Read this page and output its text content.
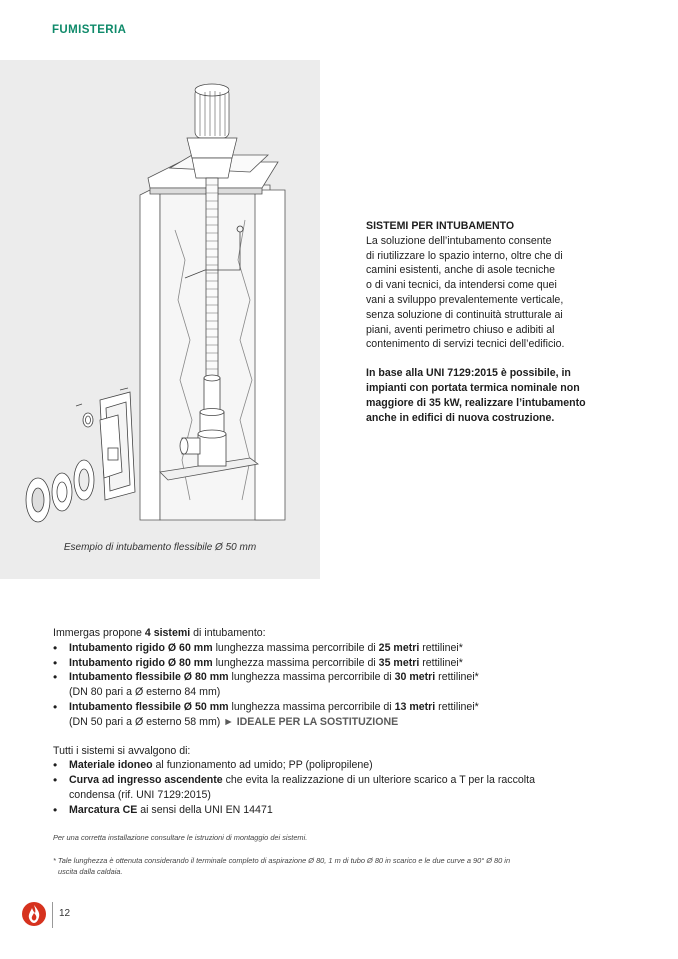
FUMISTERIA
Esempio di intubamento flessibile Ø 50 mm
SISTEMI PER INTUBAMENTO
La soluzione dell’intubamento consente
di riutilizzare lo spazio interno, oltre che di
camini esistenti, anche di asole tecniche
o di vani tecnici, da intendersi come quei
vani a sviluppo prevalentemente verticale,
senza soluzione di continuità strutturale ai
piani, aventi perimetro chiuso e adibiti al
contenimento di servizi tecnici dell’edificio.
In base alla UNI 7129:2015 è possibile, in
impianti con portata termica nominale non
maggiore di 35 kW, realizzare l’intubamento
anche in edifici di nuova costruzione.
Immergas propone 4 sistemi di intubamento:
• Intubamento rigido Ø 60 mm lunghezza massima percorribile di 25 metri rettilinei*
• Intubamento rigido Ø 80 mm lunghezza massima percorribile di 35 metri rettilinei*
• Intubamento flessibile Ø 80 mm lunghezza massima percorribile di 30 metri rettilinei*
(DN 80 pari a Ø esterno 84 mm)
• Intubamento flessibile Ø 50 mm lunghezza massima percorribile di 13 metri rettilinei*
(DN 50 pari a Ø esterno 58 mm) ► IDEALE PER LA SOSTITUZIONE
Tutti i sistemi si avvalgono di:
• Materiale idoneo al funzionamento ad umido; PP (polipropilene)
• Curva ad ingresso ascendente che evita la realizzazione di un ulteriore scarico a T per la raccolta
condensa (rif. UNI 7129:2015)
• Marcatura CE ai sensi della UNI EN 14471
Per una corretta installazione consultare le istruzioni di montaggio dei sistemi.
* Tale lunghezza è ottenuta considerando il terminale completo di aspirazione Ø 80, 1 m di tubo Ø 80 in scarico e le due curve a 90° Ø 80 in
uscita dalla caldaia.
12
